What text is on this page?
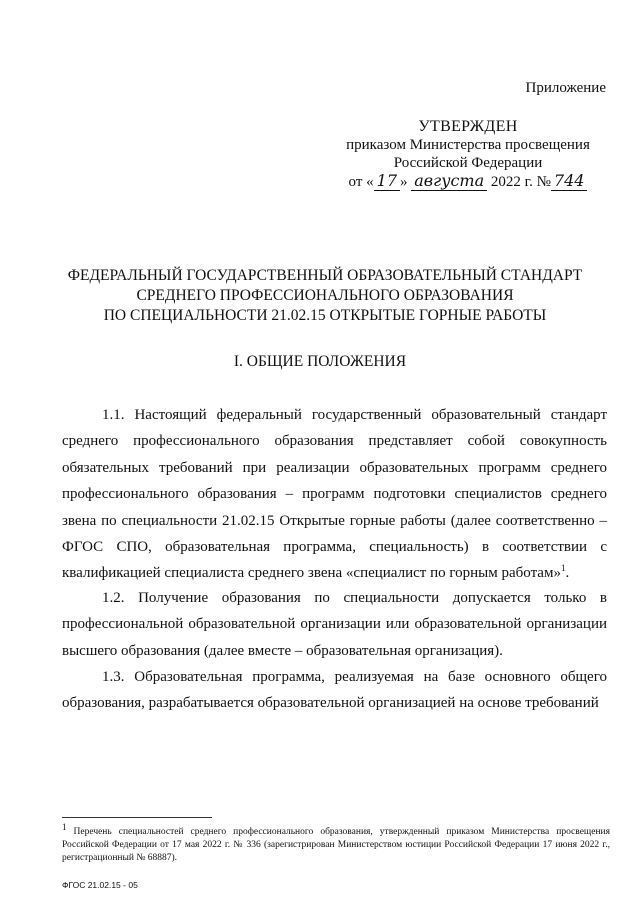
Приложение
УТВЕРЖДЕН
приказом Министерства просвещения
Российской Федерации
от « 17 » августа 2022 г. № 744
ФЕДЕРАЛЬНЫЙ ГОСУДАРСТВЕННЫЙ ОБРАЗОВАТЕЛЬНЫЙ СТАНДАРТ
СРЕДНЕГО ПРОФЕССИОНАЛЬНОГО ОБРАЗОВАНИЯ
ПО СПЕЦИАЛЬНОСТИ 21.02.15 ОТКРЫТЫЕ ГОРНЫЕ РАБОТЫ
I. ОБЩИЕ ПОЛОЖЕНИЯ
1.1. Настоящий федеральный государственный образовательный стандарт среднего профессионального образования представляет собой совокупность обязательных требований при реализации образовательных программ среднего профессионального образования – программ подготовки специалистов среднего звена по специальности 21.02.15 Открытые горные работы (далее соответственно – ФГОС СПО, образовательная программа, специальность) в соответствии с квалификацией специалиста среднего звена «специалист по горным работам»$^1$.
1.2. Получение образования по специальности допускается только в профессиональной образовательной организации или образовательной организации высшего образования (далее вместе – образовательная организация).
1.3. Образовательная программа, реализуемая на базе основного общего образования, разрабатывается образовательной организацией на основе требований
$^1$ Перечень специальностей среднего профессионального образования, утвержденный приказом Министерства просвещения Российской Федерации от 17 мая 2022 г. № 336 (зарегистрирован Министерством юстиции Российской Федерации 17 июня 2022 г., регистрационный № 68887).
ФГОС 21.02.15 - 05
